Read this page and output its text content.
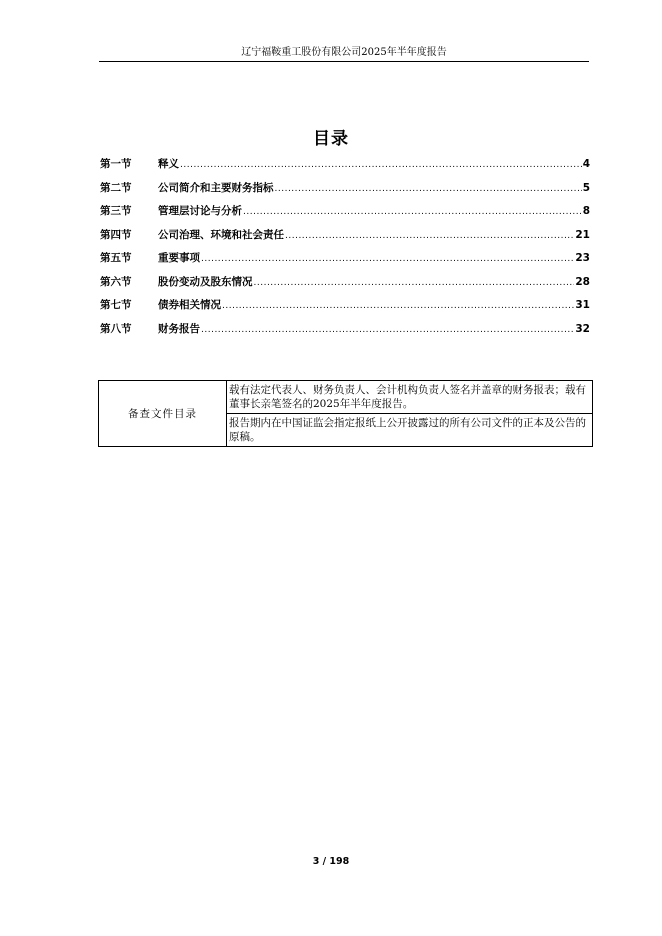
辽宁福鞍重工股份有限公司2025年半年度报告
目录
第一节	释义 .....	4
第二节	公司简介和主要财务指标 .....	5
第三节	管理层讨论与分析 .....	8
第四节	公司治理、环境和社会责任 .....	21
第五节	重要事项 .....	23
第六节	股份变动及股东情况 .....	28
第七节	债券相关情况 .....	31
第八节	财务报告 .....	32
备查文件目录	载有法定代表人、财务负责人、会计机构负责人签名并盖章的财务报表；载有董事长亲笔签名的2025年半年度报告。
报告期内在中国证监会指定报纸上公开披露过的所有公司文件的正本及公告的原稿。
3 / 198
